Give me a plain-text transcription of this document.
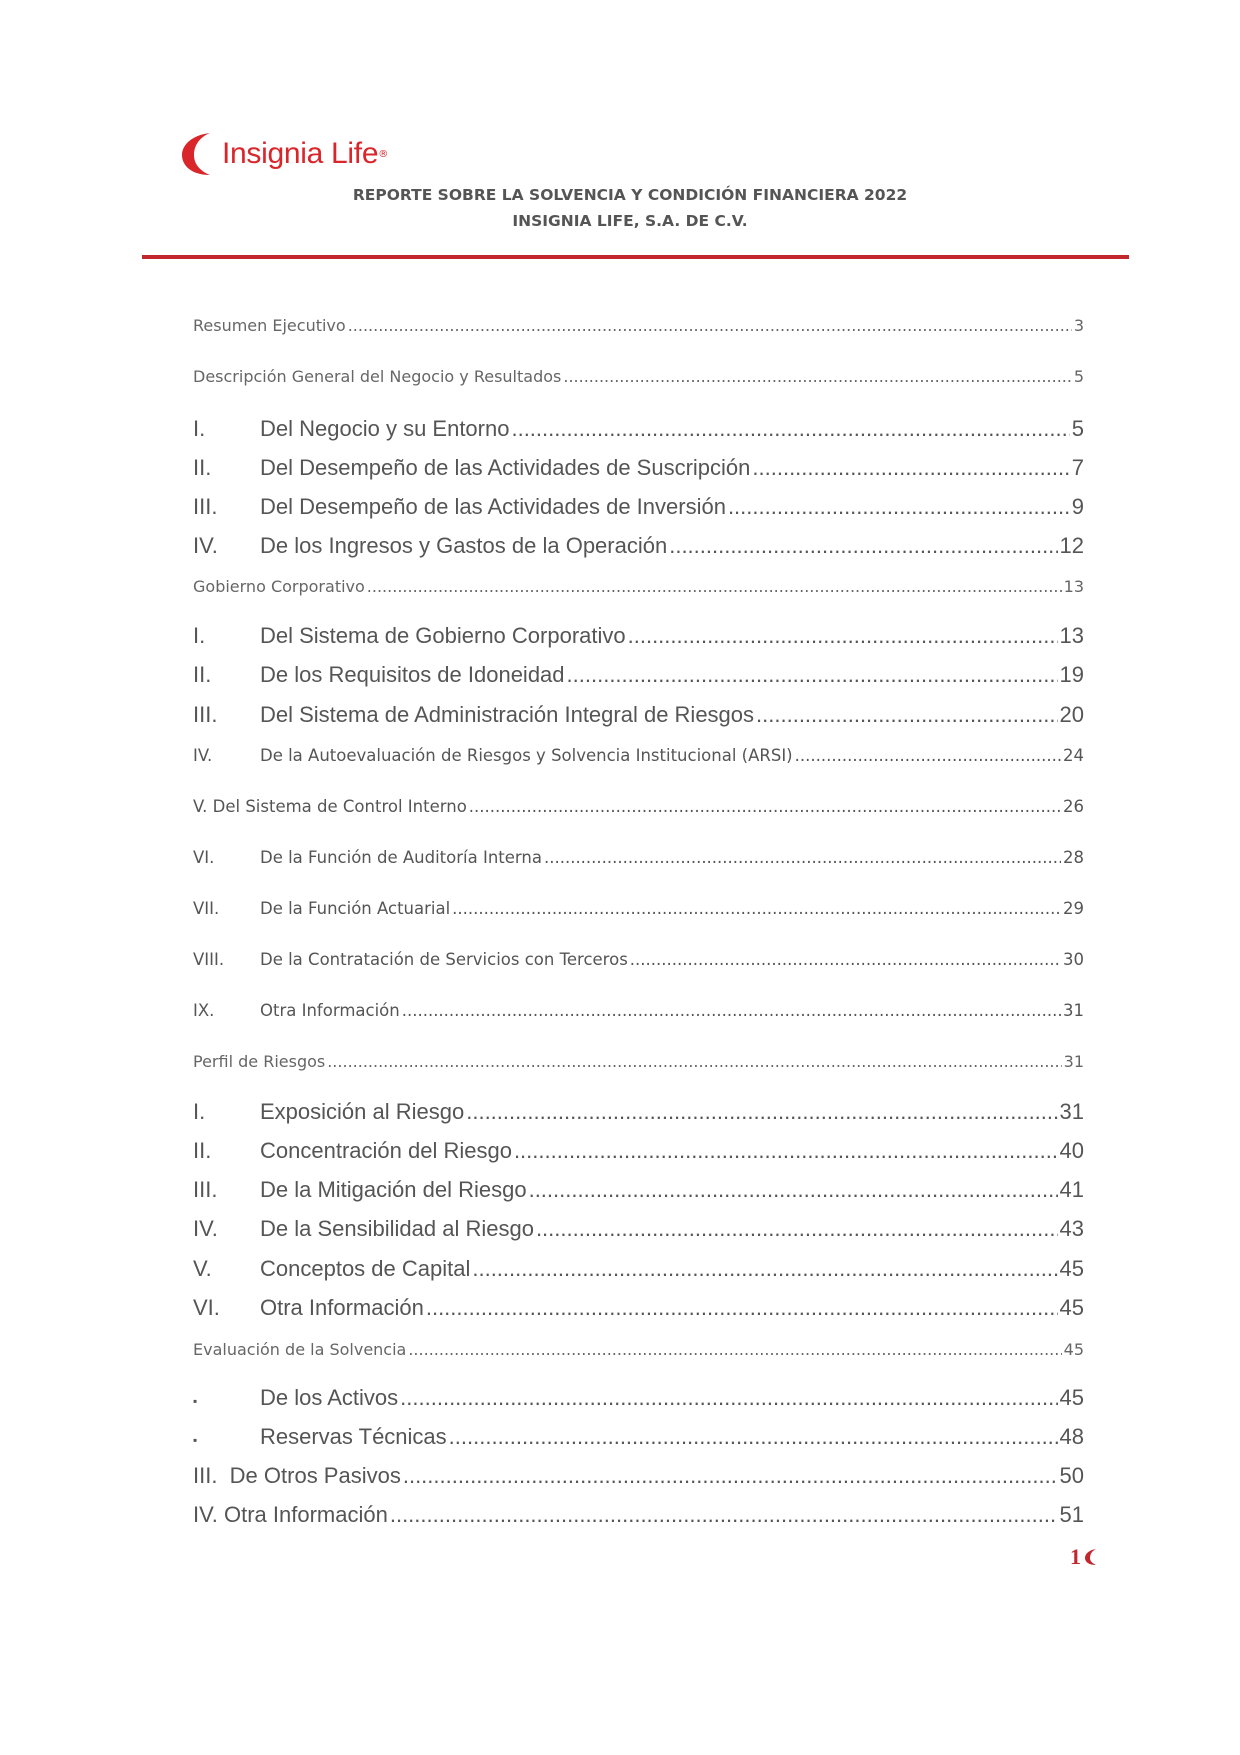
Insignia Life ®
REPORTE SOBRE LA SOLVENCIA Y CONDICIÓN FINANCIERA 2022
INSIGNIA LIFE, S.A. DE C.V.
Resumen Ejecutivo .....	3
Descripción General del Negocio y Resultados .....	5
I.	Del Negocio y su Entorno .....	5
II.	Del Desempeño de las Actividades de Suscripción .....	7
III.	Del Desempeño de las Actividades de Inversión .....	9
IV.	De los Ingresos y Gastos de la Operación .....	12
Gobierno Corporativo .....	13
I.	Del Sistema de Gobierno Corporativo .....	13
II.	De los Requisitos de Idoneidad .....	19
III.	Del Sistema de Administración Integral de Riesgos .....	20
IV.	De la Autoevaluación de Riesgos y Solvencia Institucional (ARSI) .....	24
V. Del Sistema de Control Interno .....	26
VI.	De la Función de Auditoría Interna .....	28
VII.	De la Función Actuarial .....	29
VIII.	De la Contratación de Servicios con Terceros .....	30
IX.	Otra Información .....	31
Perfil de Riesgos .....	31
I.	Exposición al Riesgo .....	31
II.	Concentración del Riesgo .....	40
III.	De la Mitigación del Riesgo .....	41
IV.	De la Sensibilidad al Riesgo .....	43
V.	Conceptos de Capital .....	45
VI.	Otra Información .....	45
Evaluación de la Solvencia .....	45
▪	De los Activos .....	45
▪	Reservas Técnicas .....	48
III.  De Otros Pasivos .....	50
IV. Otra Información .....	51
1
